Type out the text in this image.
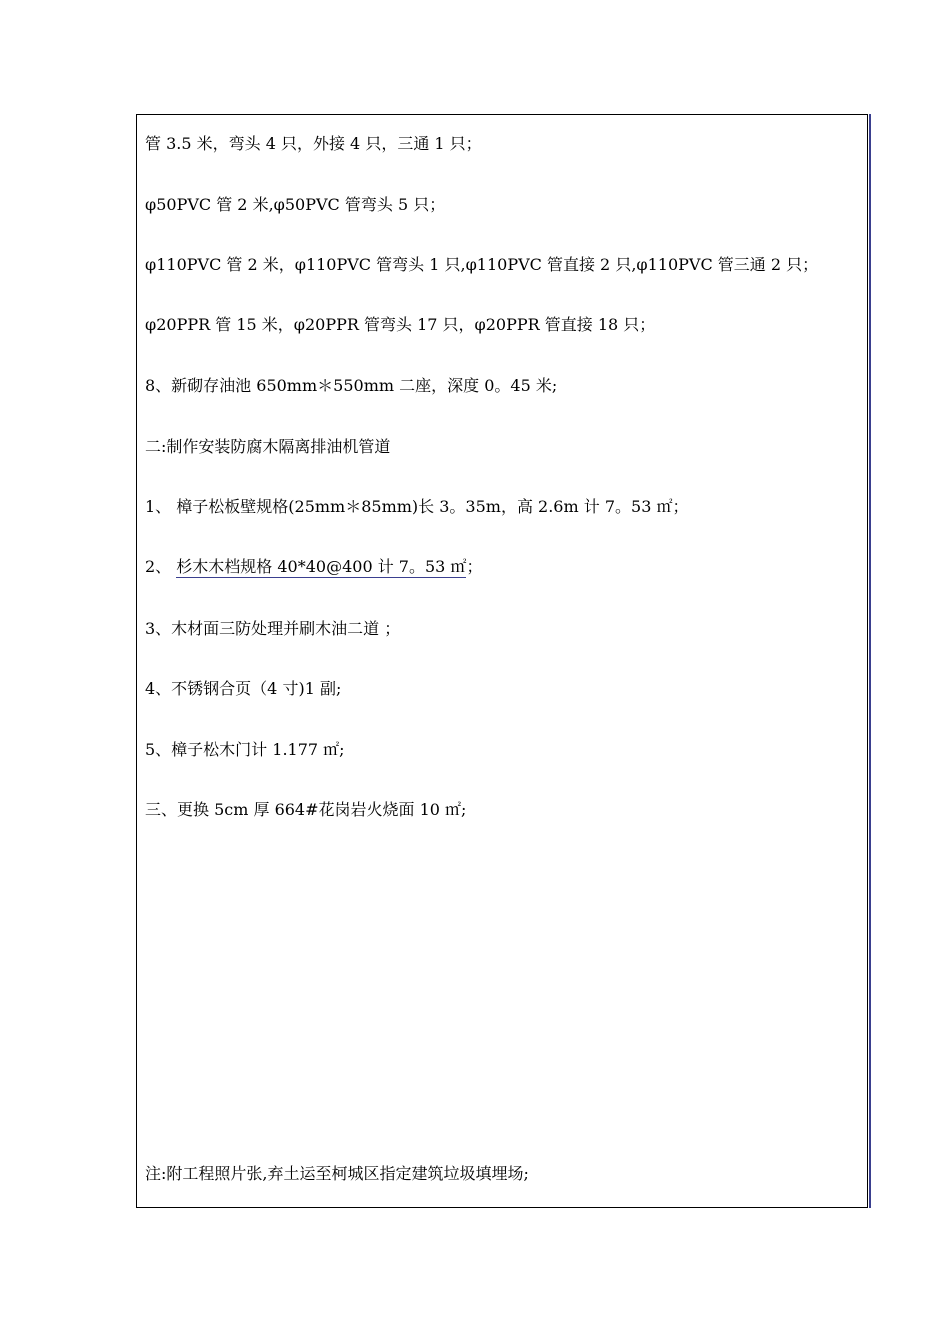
管 3.5 米，弯头 4 只，外接 4 只，三通 1 只；
φ50PVC 管 2 米,φ50PVC 管弯头 5 只；
φ110PVC 管 2 米，φ110PVC 管弯头 1 只,φ110PVC 管直接 2 只,φ110PVC 管三通 2 只；
φ20PPR 管 15 米，φ20PPR 管弯头 17 只，φ20PPR 管直接 18 只；
8、新砌存油池 650mm＊550mm 二座，深度 0。45 米;
二:制作安装防腐木隔离排油机管道
1、 樟子松板壁规格(25mm＊85mm)长 3。35m，高 2.6m 计 7。53 ㎡；
2、 杉木木档规格 40*40@400 计 7。53 ㎡；
3、木材面三防处理并刷木油二道 ；
4、不锈钢合页（4 寸)1 副;
5、樟子松木门计 1.177 ㎡;
三、更换 5cm 厚 664#花岗岩火烧面 10 ㎡;
注:附工程照片张,弃土运至柯城区指定建筑垃圾填埋场;
